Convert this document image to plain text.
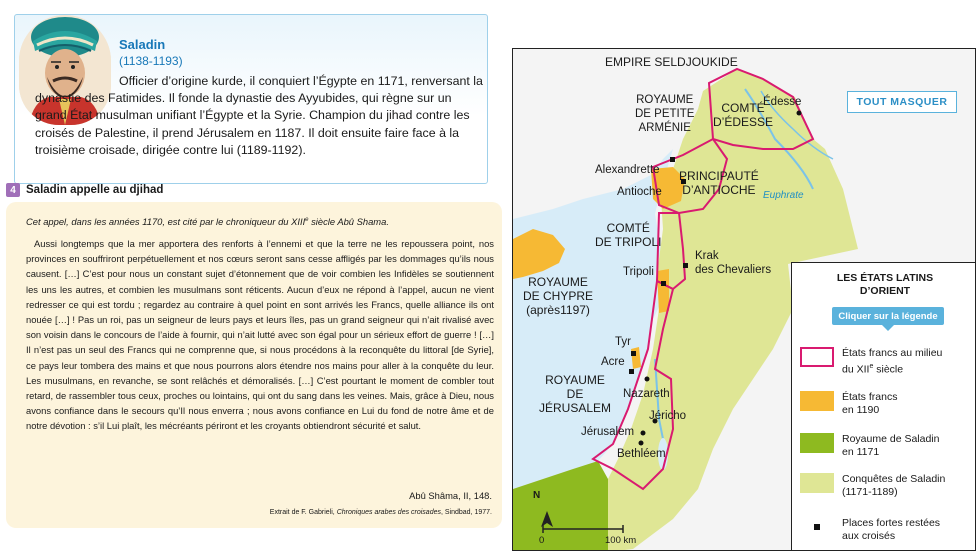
Saladin
(1138-1193)
Officier d’origine kurde, il conquiert l’Égypte en 1171, renversant la dynastie des Fatimides. Il fonde la dynastie des Ayyubides, qui règne sur un grand État musulman unifiant l’Égypte et la Syrie. Champion du jihad contre les croisés de Palestine, il prend Jérusalem en 1187. Il doit ensuite faire face à la troisième croisade, dirigée contre lui (1189-1192).
4 Saladin appelle au djihad
Cet appel, dans les années 1170, est cité par le chroniqueur du XIIIe siècle Abû Shama.
Aussi longtemps que la mer apportera des renforts à l’ennemi et que la terre ne les repoussera point, nos provinces en souffriront perpétuellement et nos cœurs seront sans cesse affligés par les dommages qu’ils nous causent. […] C’est pour nous un constant sujet d’étonnement que de voir combien les Infidèles se soutiennent les uns les autres, et combien les musulmans sont réticents. Aucun d’eux ne répond à l’appel, aucun ne vient redresser ce qui est tordu ; regardez au contraire à quel point en sont arrivés les Francs, quelle alliance ils ont nouée […] ! Pas un roi, pas un seigneur de leurs pays et leurs îles, pas un grand seigneur qui n’ait rivalisé avec son voisin dans le concours de l’aide à fournir, qui n’ait lutté avec son égal pour un sérieux effort de guerre ! […] Il n’est pas un seul des Francs qui ne comprenne que, si nous procédons à la reconquête du littoral [de Syrie], ce pays leur tombera des mains et que nous pourrons alors étendre nos mains pour aller à la conquête du leur. Les musulmans, en revanche, se sont relâchés et démoralisés. […] C’est pourtant le moment de combler tout retard, de rassembler tous ceux, proches ou lointains, qui ont du sang dans les veines. Mais, grâce à Dieu, nous avons confiance dans le secours qu’Il nous enverra ; nous avons confiance en Lui du fond de notre âme et de notre dévotion : s’il Lui plaît, les mécréants périront et les croyants obtiendront sécurité et salut.
Abû Shâma, II, 148.
Extrait de F. Gabrieli, Chroniques arabes des croisades, Sindbad, 1977.
EMPIRE SELDJOUKIDE
ROYAUME
DE PETITE
ARMÉNIE
COMTÉ
D’ÉDESSE
Édesse
Euphrate
Alexandrette
Antioche
PRINCIPAUTÉ
D’ANTIOCHE
COMTÉ
DE TRIPOLI
Krak
des Chevaliers
Tripoli
ROYAUME
DE CHYPRE
(après1197)
Tyr
Acre
ROYAUME
DE
JÉRUSALEM
Nazareth
Jéricho
Jérusalem
Bethléem
N
0	100 km
TOUT MASQUER
LES ÉTATS LATINS
D’ORIENT
Cliquer sur la légende
États francs au milieu
du XIIe siècle
États francs
en 1190
Royaume de Saladin
en 1171
Conquêtes de Saladin
(1171-1189)
Places fortes restées
aux croisés
